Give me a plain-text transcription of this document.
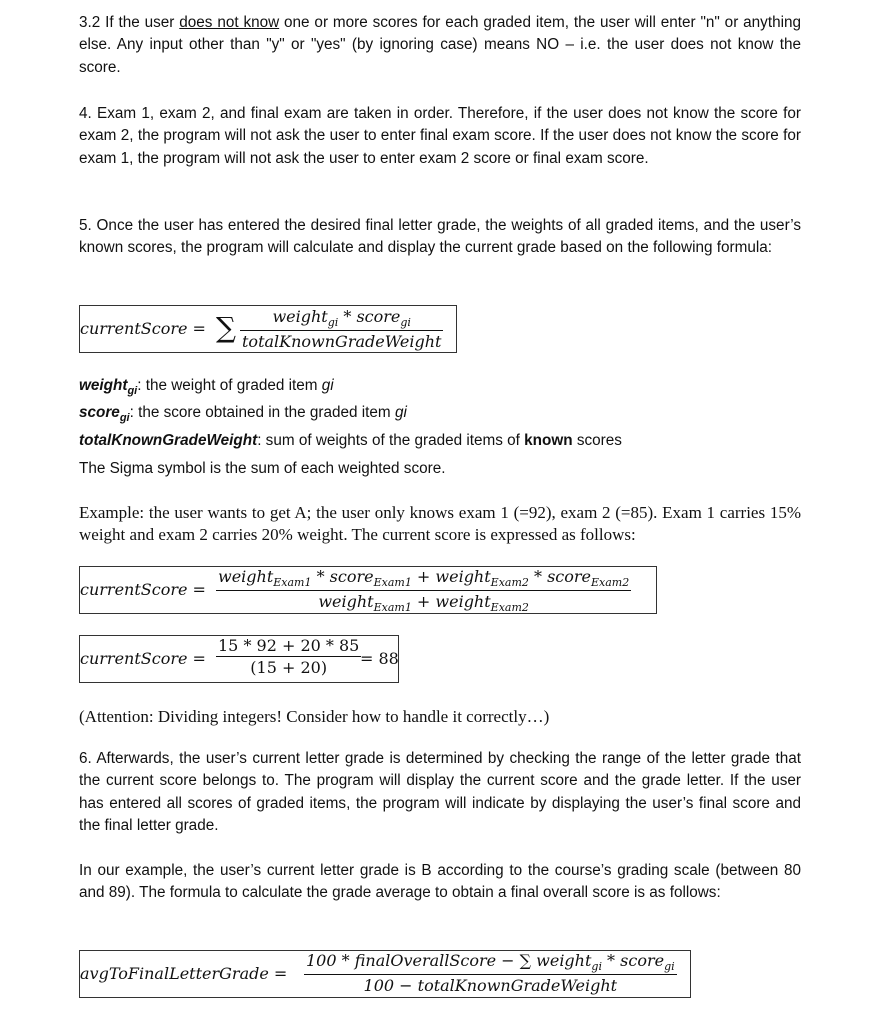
3.2 If the user does not know one or more scores for each graded item, the user will enter "n" or anything else. Any input other than "y" or "yes" (by ignoring case) means NO – i.e. the user does not know the score.

4. Exam 1, exam 2, and final exam are taken in order. Therefore, if the user does not know the score for exam 2, the program will not ask the user to enter final exam score. If the user does not know the score for exam 1, the program will not ask the user to enter exam 2 score or final exam score.

5. Once the user has entered the desired final letter grade, the weights of all graded items, and the user’s known scores, the program will calculate and display the current grade based on the following formula:

currentScore = ∑	weight$_{gi}$ * score$_{gi}$
totalKnownGradeWeight
weight$_{gi}$: the weight of graded item gi
score$_{gi}$: the score obtained in the graded item gi
totalKnownGradeWeight: sum of weights of the graded items of known scores

The Sigma symbol is the sum of each weighted score.

Example: the user wants to get A; the user only knows exam 1 (=92), exam 2 (=85). Exam 1 carries 15% weight and exam 2 carries 20% weight. The current score is expressed as follows:

currentScore =
weight$_{Exam1}$ * score$_{Exam1}$ + weight$_{Exam2}$ * score$_{Exam2}$
weight$_{Exam1}$ + weight$_{Exam2}$
currentScore = $\frac{15 * 92 + 20 * 85}{(15 + 20)}$
= 88

(Attention: Dividing integers! Consider how to handle it correctly…)

6. Afterwards, the user’s current letter grade is determined by checking the range of the letter grade that the current score belongs to. The program will display the current score and the grade letter. If the user has entered all scores of graded items, the program will indicate by displaying the user’s final score and the final letter grade.

In our example, the user’s current letter grade is B according to the course’s grading scale (between 80 and 89). The formula to calculate the grade average to obtain a final overall score is as follows:

avgToFinalLetterGrade =
100 * finalOverallScore − ∑ weight$_{gi}$ * score$_{gi}$
100 − totalKnownGradeWeight
